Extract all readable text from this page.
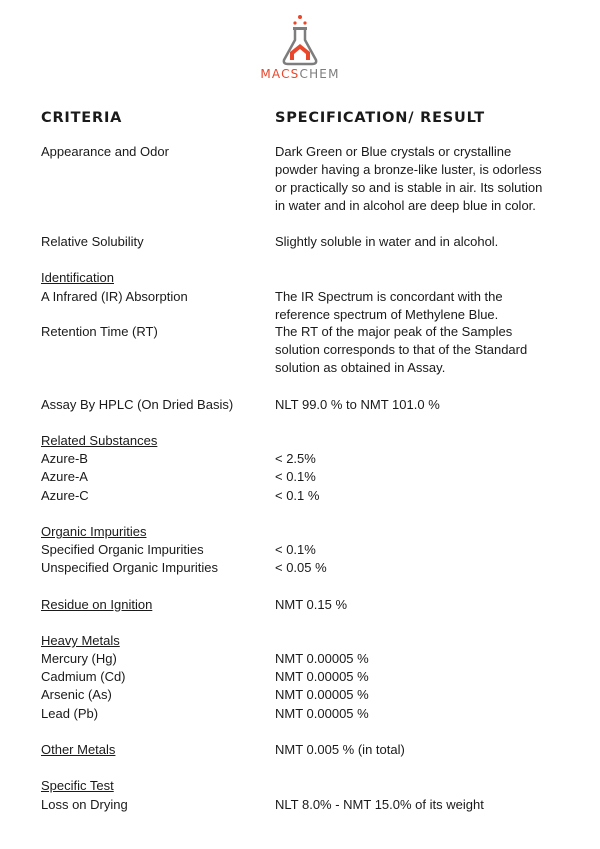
MACSCHEM
CRITERIA	SPECIFICATION/ RESULT
Appearance and Odor	Dark Green or Blue crystals or crystalline
powder having a bronze-like luster, is odorless
or practically so and is stable in air. Its solution
in water and in alcohol are deep blue in color.
Relative Solubility	Slightly soluble in water and in alcohol.
Identification
A Infrared (IR) Absorption	The IR Spectrum is concordant with the
reference spectrum of Methylene Blue.
Retention Time (RT)	The RT of the major peak of the Samples
solution corresponds to that of the Standard
solution as obtained in Assay.
Assay By HPLC (On Dried Basis)	NLT 99.0 % to NMT 101.0 %
Related Substances
Azure-B	< 2.5%
Azure-A	< 0.1%
Azure-C	< 0.1 %
Organic Impurities
Specified Organic Impurities	< 0.1%
Unspecified Organic Impurities	< 0.05 %
Residue on Ignition	NMT 0.15 %
Heavy Metals
Mercury (Hg)	NMT 0.00005 %
Cadmium (Cd)	NMT 0.00005 %
Arsenic (As)	NMT 0.00005 %
Lead (Pb)	NMT 0.00005 %
Other Metals	NMT 0.005 % (in total)
Specific Test
Loss on Drying	NLT 8.0% - NMT 15.0% of its weight
